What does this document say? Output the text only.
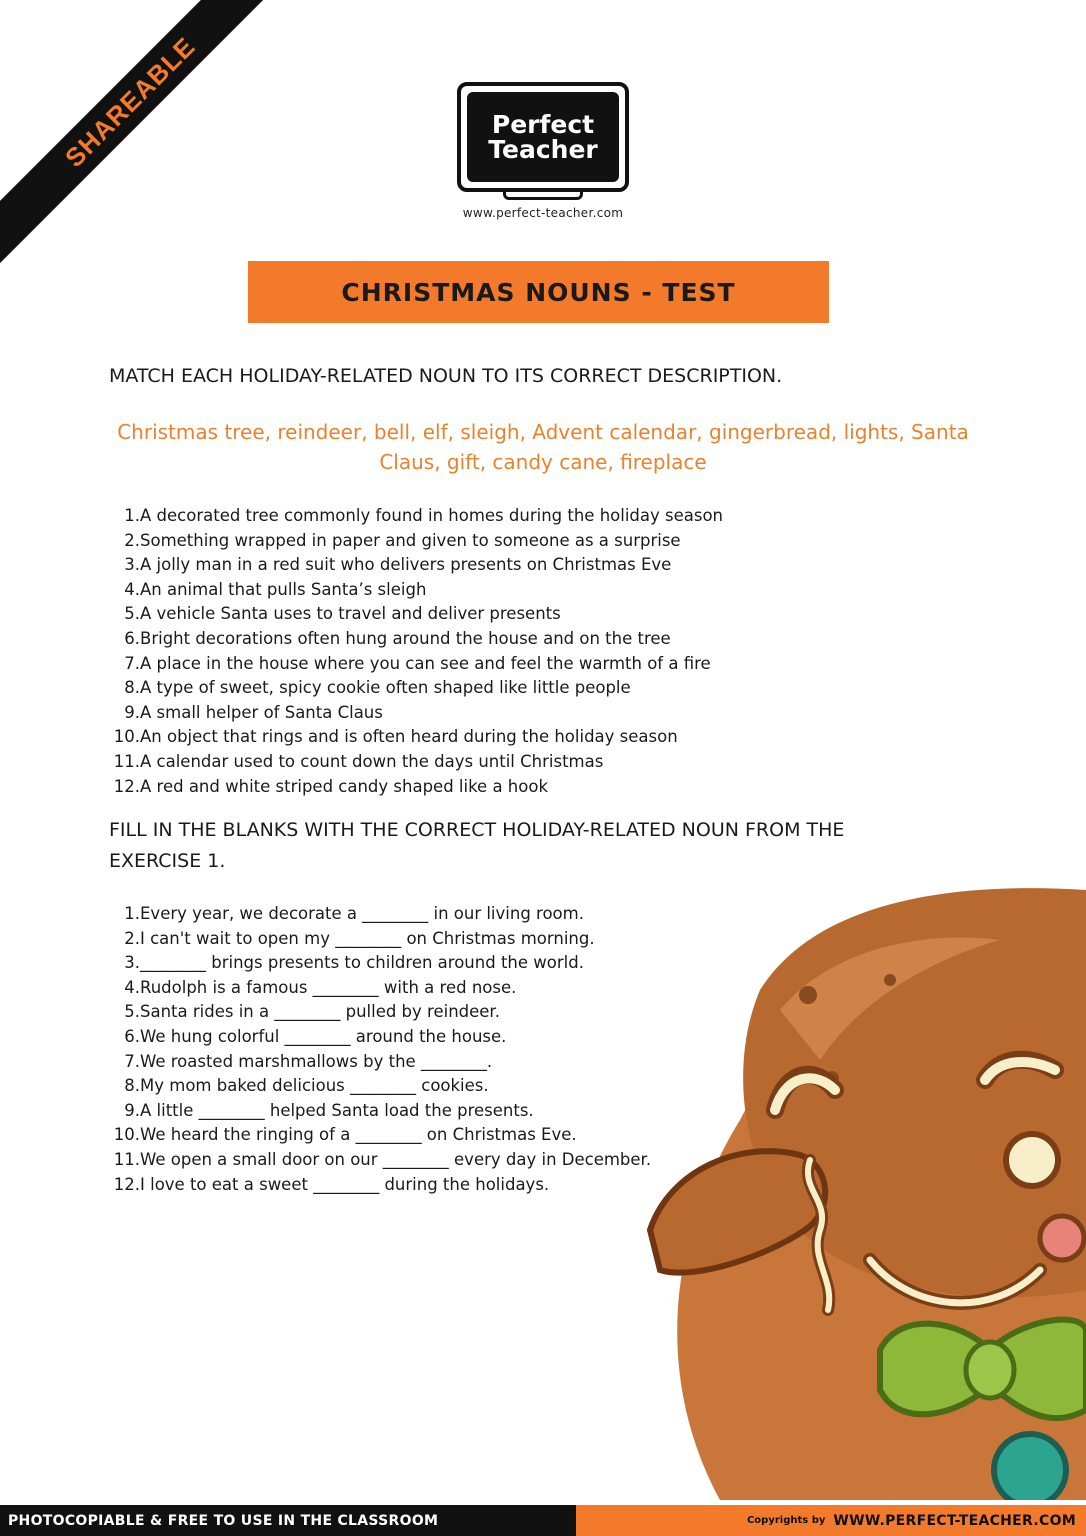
SHAREABLE	Perfect
Teacher
www.perfect-teacher.com
CHRISTMAS NOUNS - TEST
MATCH EACH HOLIDAY-RELATED NOUN TO ITS CORRECT DESCRIPTION.
Christmas tree, reindeer, bell, elf, sleigh, Advent calendar, gingerbread, lights, Santa Claus, gift, candy cane, fireplace
1. A decorated tree commonly found in homes during the holiday season
2. Something wrapped in paper and given to someone as a surprise
3. A jolly man in a red suit who delivers presents on Christmas Eve
4. An animal that pulls Santa’s sleigh
5. A vehicle Santa uses to travel and deliver presents
6. Bright decorations often hung around the house and on the tree
7. A place in the house where you can see and feel the warmth of a fire
8. A type of sweet, spicy cookie often shaped like little people
9. A small helper of Santa Claus
10. An object that rings and is often heard during the holiday season
11. A calendar used to count down the days until Christmas
12. A red and white striped candy shaped like a hook
FILL IN THE BLANKS WITH THE CORRECT HOLIDAY-RELATED NOUN FROM THE EXERCISE 1.
1. Every year, we decorate a ________ in our living room.
2. I can't wait to open my ________ on Christmas morning.
3. ________ brings presents to children around the world.
4. Rudolph is a famous ________ with a red nose.
5. Santa rides in a ________ pulled by reindeer.
6. We hung colorful ________ around the house.
7. We roasted marshmallows by the ________.
8. My mom baked delicious ________ cookies.
9. A little ________ helped Santa load the presents.
10. We heard the ringing of a ________ on Christmas Eve.
11. We open a small door on our ________ every day in December.
12. I love to eat a sweet ________ during the holidays.
PHOTOCOPIABLE & FREE TO USE IN THE CLASSROOM	Copyrights by WWW.PERFECT-TEACHER.COM
